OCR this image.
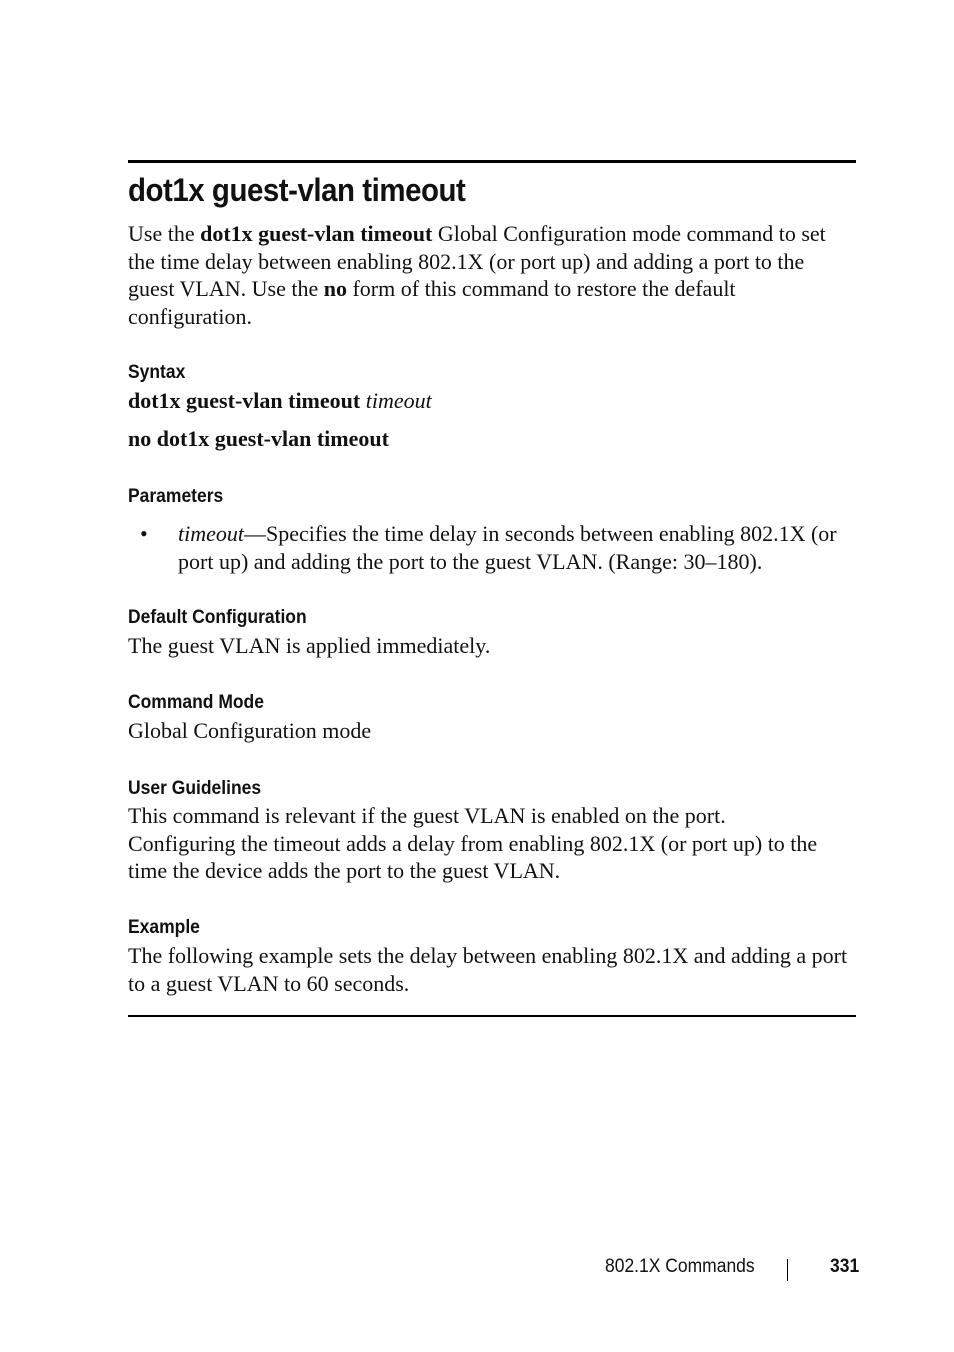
dot1x guest-vlan timeout

Use the dot1x guest-vlan timeout Global Configuration mode command to set the time delay between enabling 802.1X (or port up) and adding a port to the guest VLAN. Use the no form of this command to restore the default configuration.

Syntax

dot1x guest-vlan timeout timeout

no dot1x guest-vlan timeout

Parameters
• timeout—Specifies the time delay in seconds between enabling 802.1X (or port up) and adding the port to the guest VLAN. (Range: 30–180).
Default Configuration

The guest VLAN is applied immediately.

Command Mode

Global Configuration mode

User Guidelines

This command is relevant if the guest VLAN is enabled on the port. Configuring the timeout adds a delay from enabling 802.1X (or port up) to the time the device adds the port to the guest VLAN.

Example

The following example sets the delay between enabling 802.1X and adding a port to a guest VLAN to 60 seconds.

802.1X Commands	331
